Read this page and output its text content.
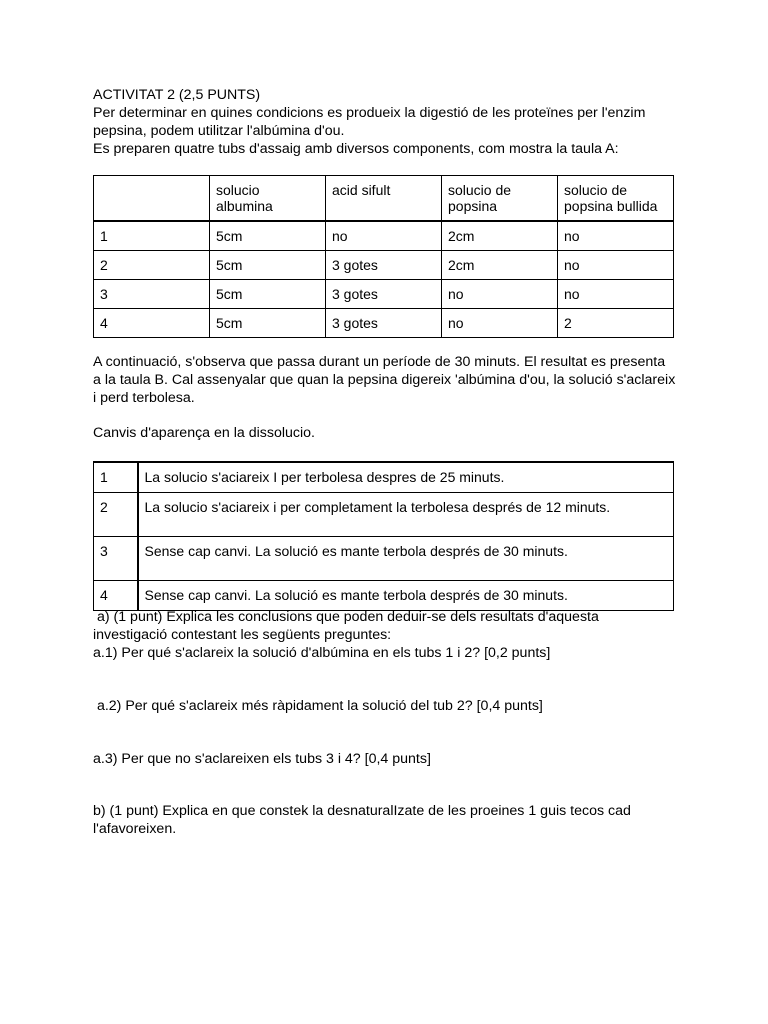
ACTIVITAT 2 (2,5 PUNTS)

Per determinar en quines condicions es produeix la digestió de les proteïnes per l'enzim

pepsina, podem utilitzar l'albúmina d'ou.

Es preparen quatre tubs d'assaig amb diversos components, com mostra la taula A:

	solucio albumina	acid sifult	solucio de popsina	solucio de popsina bullida
1	5cm	no	2cm	no
2	5cm	3 gotes	2cm	no
3	5cm	3 gotes	no	no
4	5cm	3 gotes	no	2

A continuació, s'observa que passa durant un període de 30 minuts. El resultat es presenta

a la taula B. Cal assenyalar que quan la pepsina digereix 'albúmina d'ou, la solució s'aclareix

i perd terbolesa.

Canvis d'aparença en la dissolucio.
1	La solucio s'aciareix I per terbolesa despres de 25 minuts.
2	La solucio s'aciareix i per completament la terbolesa després de 12 minuts.
3	Sense cap canvi. La solució es mante terbola després de 30 minuts.
4	Sense cap canvi. La solució es mante terbola després de 30 minuts.

a) (1 punt) Explica les conclusions que poden deduir-se dels resultats d'aquesta

investigació contestant les següents preguntes:

a.1) Per qué s'aclareix la solució d'albúmina en els tubs 1 i 2? [0,2 punts]

a.2) Per qué s'aclareix més ràpidament la solució del tub 2? [0,4 punts]
a.3) Per que no s'aclareixen els tubs 3 i 4? [0,4 punts]

b) (1 punt) Explica en que constek la desnaturalIzate de les proeines 1 guis tecos cad

l'afavoreixen.
